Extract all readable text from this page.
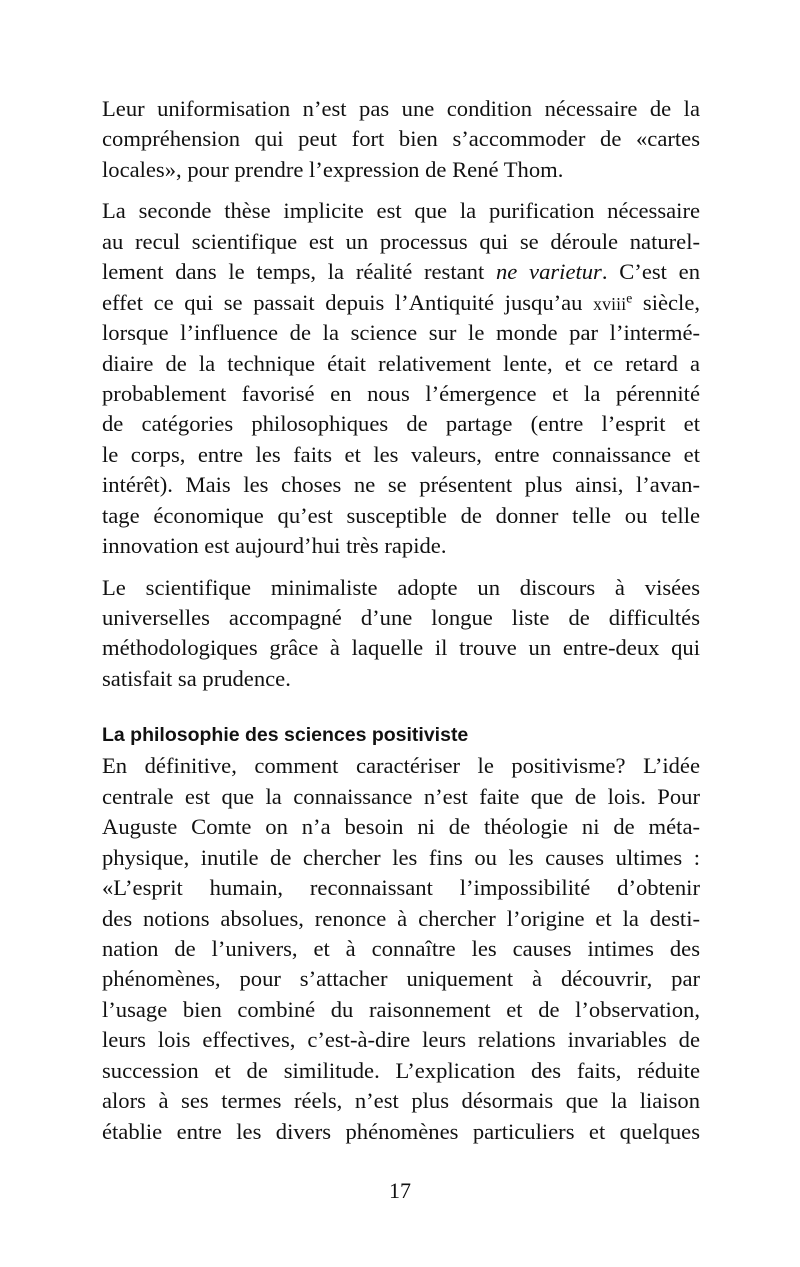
Leur uniformisation n’est pas une condition nécessaire de la
compréhension qui peut fort bien s’accommoder de «cartes
locales», pour prendre l’expression de René Thom.

La seconde thèse implicite est que la purification nécessaire
au recul scientifique est un processus qui se déroule naturel-
lement dans le temps, la réalité restant ne varietur. C’est en
effet ce qui se passait depuis l’Antiquité jusqu’au xviii$^e$ siècle,
lorsque l’influence de la science sur le monde par l’intermé-
diaire de la technique était relativement lente, et ce retard a
probablement favorisé en nous l’émergence et la pérennité
de catégories philosophiques de partage (entre l’esprit et
le corps, entre les faits et les valeurs, entre connaissance et
intérêt). Mais les choses ne se présentent plus ainsi, l’avan-
tage économique qu’est susceptible de donner telle ou telle
innovation est aujourd’hui très rapide.

Le scientifique minimaliste adopte un discours à visées
universelles accompagné d’une longue liste de difficultés
méthodologiques grâce à laquelle il trouve un entre-deux qui
satisfait sa prudence.

La philosophie des sciences positiviste

En définitive, comment caractériser le positivisme? L’idée
centrale est que la connaissance n’est faite que de lois. Pour
Auguste Comte on n’a besoin ni de théologie ni de méta-
physique, inutile de chercher les fins ou les causes ultimes :
«L’esprit humain, reconnaissant l’impossibilité d’obtenir
des notions absolues, renonce à chercher l’origine et la desti-
nation de l’univers, et à connaître les causes intimes des
phénomènes, pour s’attacher uniquement à découvrir, par
l’usage bien combiné du raisonnement et de l’observation,
leurs lois effectives, c’est-à-dire leurs relations invariables de
succession et de similitude. L’explication des faits, réduite
alors à ses termes réels, n’est plus désormais que la liaison
établie entre les divers phénomènes particuliers et quelques

17
